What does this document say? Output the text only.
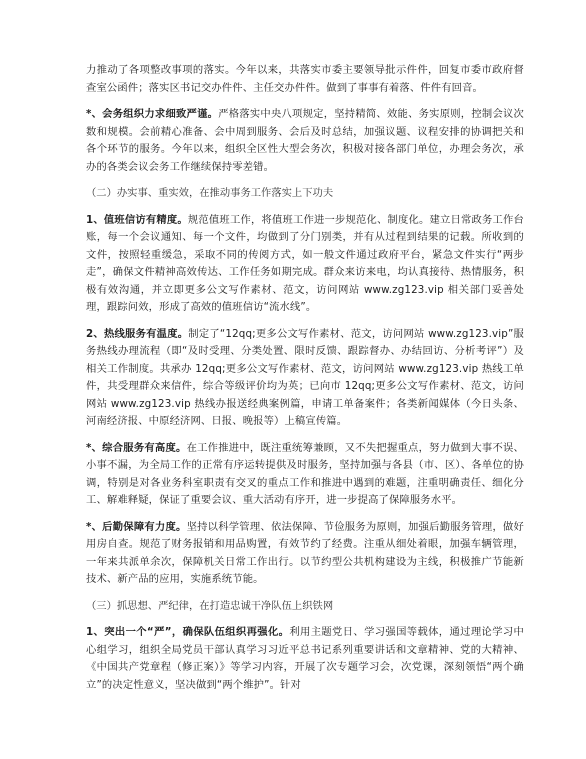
力推动了各项整改事项的落实。今年以来，共落实市委主要领导批示件件，回复市委市政府督查室公函件；落实区书记交办件件、主任交办件件。做到了事事有着落、件件有回音。

*、会务组织力求细致严谨。严格落实中央八项规定，坚持精简、效能、务实原则，控制会议次数和规模。会前精心准备、会中周到服务、会后及时总结，加强议题、议程安排的协调把关和各个环节的服务。今年以来，组织全区性大型会务次，积极对接各部门单位，办理会务次，承办的各类会议会务工作继续保持零差错。

（二）办实事、重实效，在推动事务工作落实上下功夫

1、值班信访有精度。规范值班工作，将值班工作进一步规范化、制度化。建立日常政务工作台账，每一个会议通知、每一个文件，均做到了分门别类，并有从过程到结果的记载。所收到的文件，按照轻重缓急，采取不同的传阅方式，如一般文件通过政府平台，紧急文件实行“两步走”，确保文件精神高效传达、工作任务如期完成。群众来访来电，均认真接待、热情服务，积极有效沟通，并立即更多公文写作素材、范文，访问网站 www.zg123.vip 相关部门妥善处理，跟踪问效，形成了高效的值班信访“流水线”。

2、热线服务有温度。制定了“12qq;更多公文写作素材、范文，访问网站 www.zg123.vip”服务热线办理流程（即“及时受理、分类处置、限时反馈、跟踪督办、办结回访、分析考评”）及相关工作制度。共承办 12qq;更多公文写作素材、范文，访问网站 www.zg123.vip 热线工单件，共受理群众来信件，综合等级评价均为英；已向市 12qq;更多公文写作素材、范文，访问网站 www.zg123.vip 热线办报送经典案例篇，申请工单备案件；各类新闻媒体（今日头条、河南经济报、中原经济网、日报、晚报等）上稿宣传篇。

*、综合服务有高度。在工作推进中，既注重统筹兼顾，又不失把握重点，努力做到大事不误、小事不漏，为全局工作的正常有序运转提供及时服务，坚持加强与各县（市、区）、各单位的协调，特别是对各业务科室职责有交叉的重点工作和推进中遇到的难题，注重明确责任、细化分工、解难释疑，保证了重要会议、重大活动有序开，进一步提高了保障服务水平。

*、后勤保障有力度。坚持以科学管理、依法保障、节俭服务为原则，加强后勤服务管理，做好用房自查。规范了财务报销和用品购置，有效节约了经费。注重从细处着眼，加强车辆管理，一年来共派单余次，保障机关日常工作出行。以节约型公共机构建设为主线，积极推广节能新技术、新产品的应用，实施系统节能。

（三）抓思想、严纪律，在打造忠诚干净队伍上织铁网

1、突出一个“严”，确保队伍组织再强化。利用主题党日、学习强国等载体，通过理论学习中心组学习，组织全局党员干部认真学习习近平总书记系列重要讲话和文章精神、党的大精神、《中国共产党章程（修正案）》等学习内容，开展了次专题学习会，次党课，深刻领悟“两个确立”的决定性意义，坚决做到“两个维护”。针对
